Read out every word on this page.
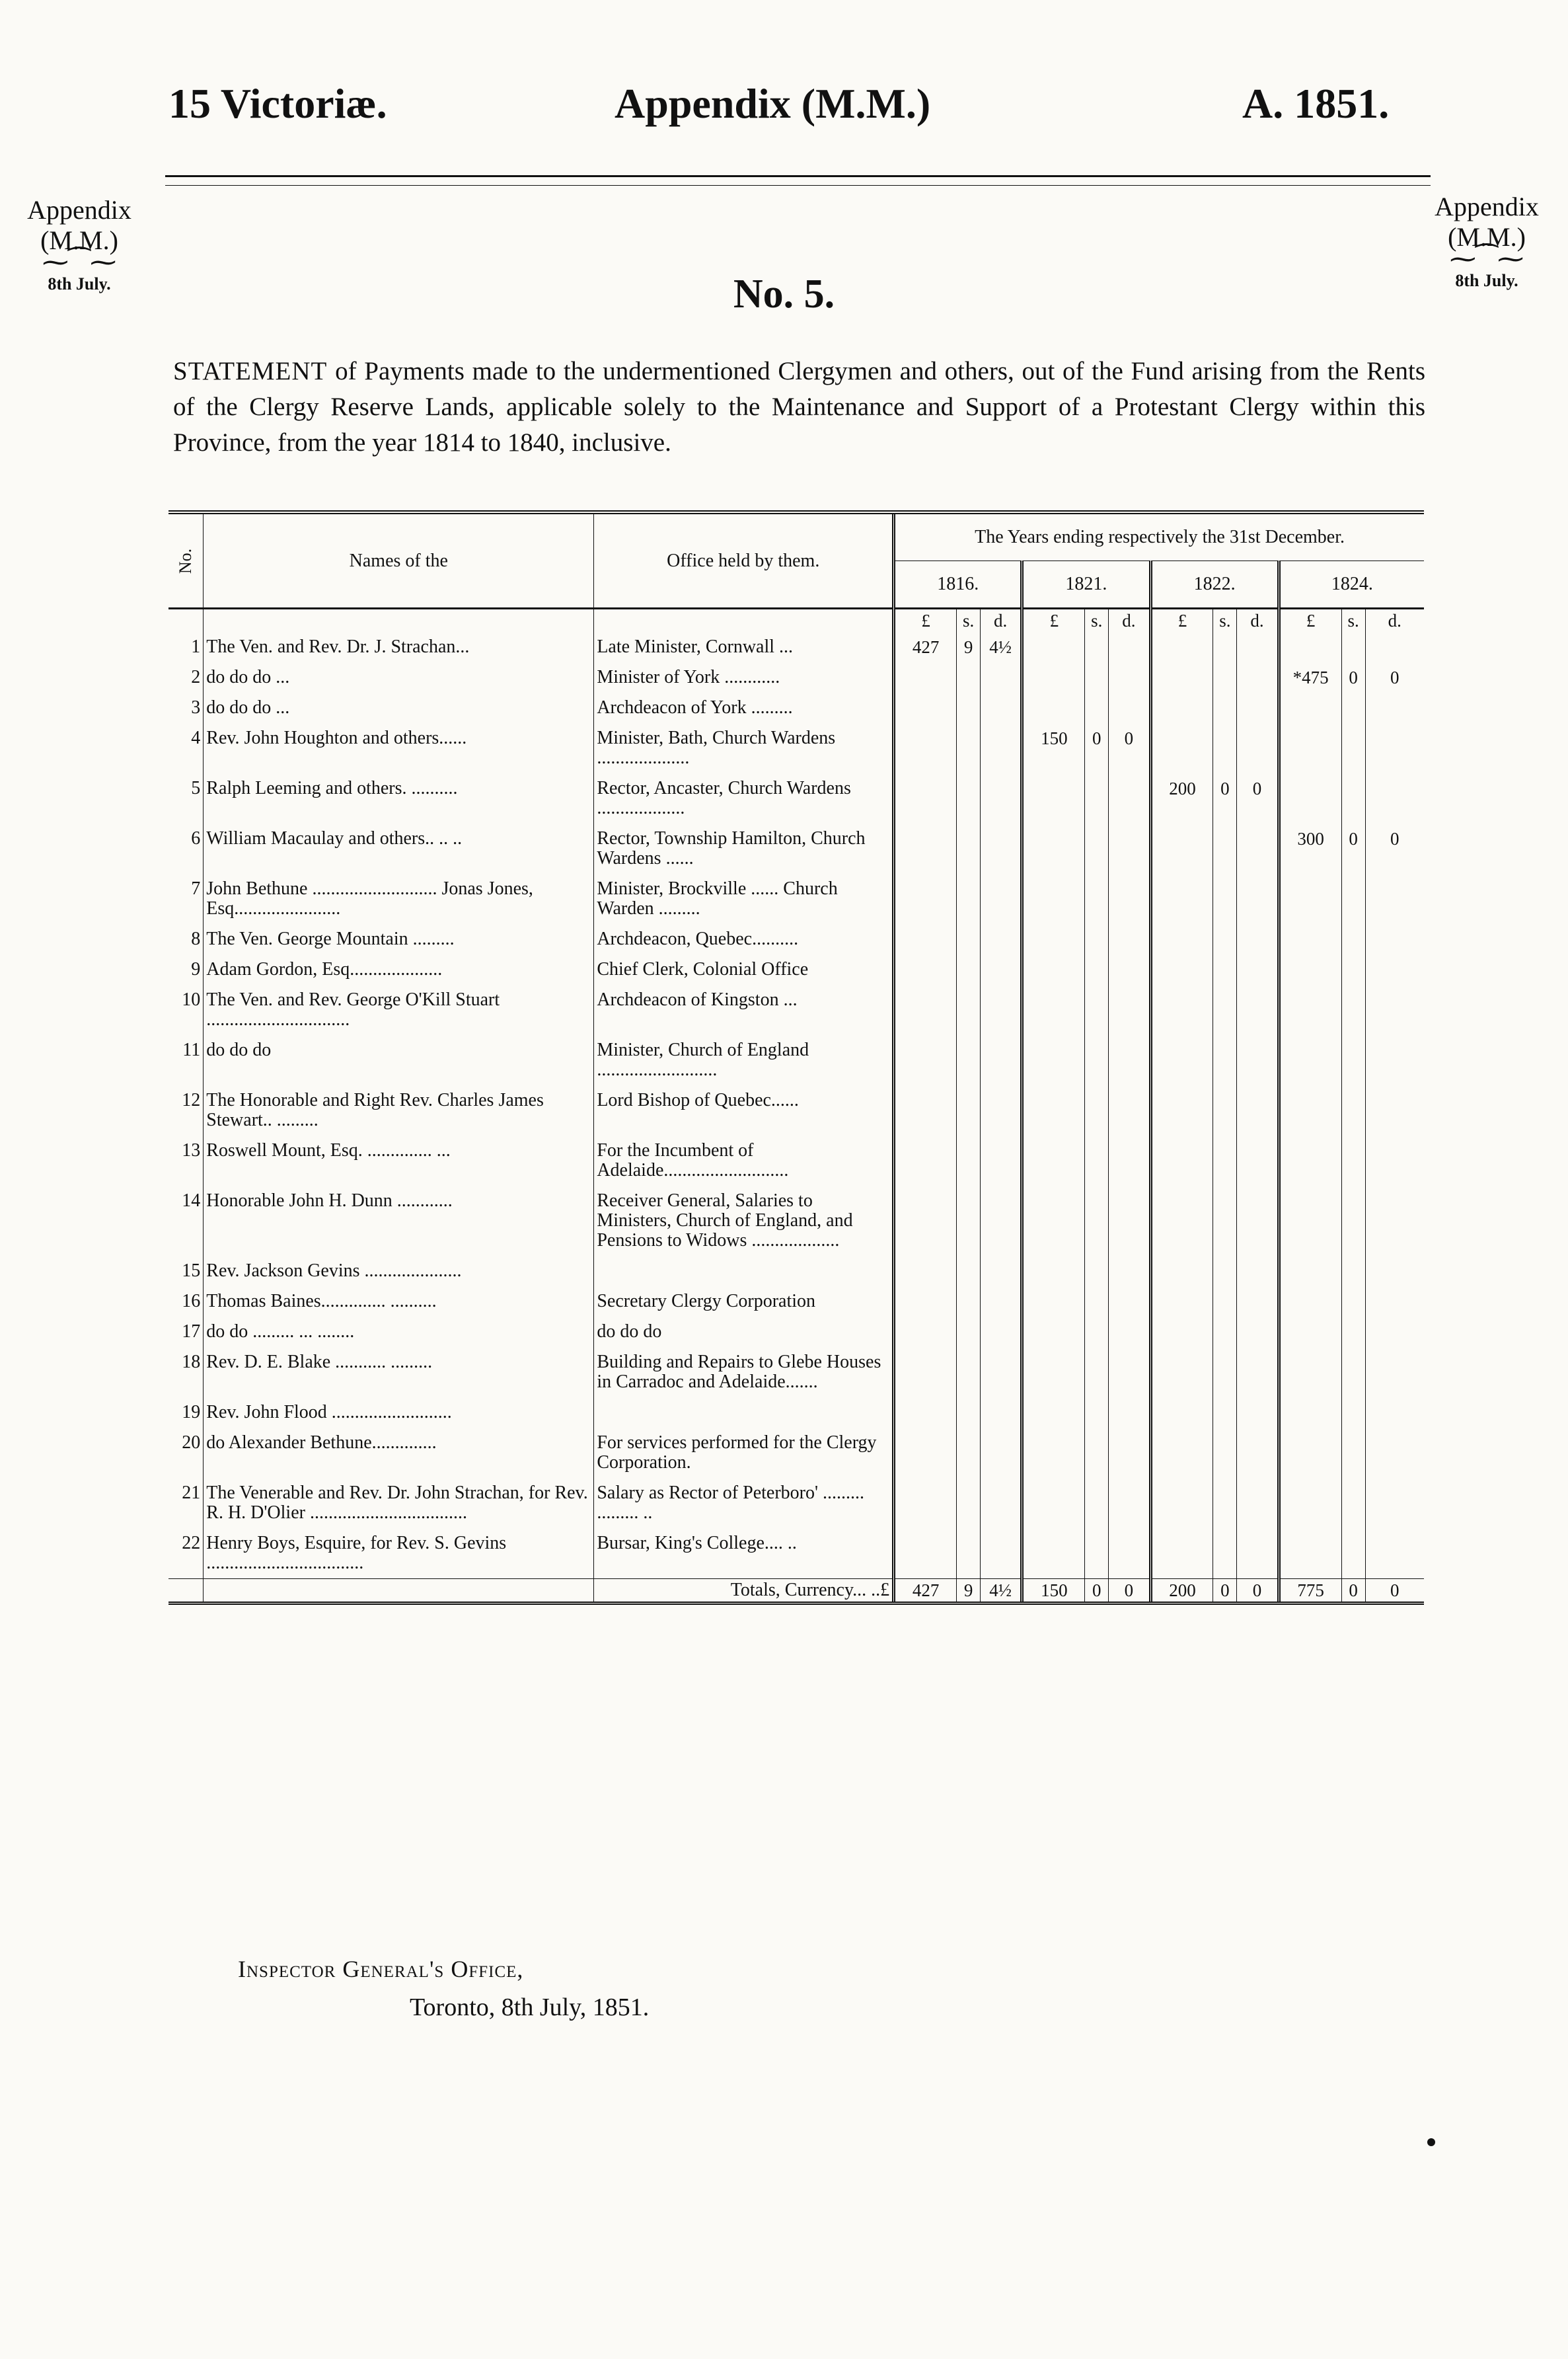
15 Victoriæ.	Appendix (M.M.)	A. 1851.
Appendix
(M.M.)
⁓⁀⁓
8th July.
Appendix
(M.M.)
⁓⁀⁓
8th July.
No. 5.
STATEMENT of Payments made to the undermentioned Clergymen and others, out of the Fund arising from the Rents of the Clergy Reserve Lands, applicable solely to the Maintenance and Support of a Protestant Clergy within this Province, from the year 1814 to 1840, inclusive.
No.	Names of the	Office held by them.	The Years ending respectively the 31st December.											
			1816.			1821.			1822.			1824.		
			£	s.	d.	£	s.	d.	£	s.	d.	£	s.	d.
1	The Ven. and Rev. Dr. J. Strachan...	Late Minister, Cornwall ...	427	9	4½									
2	do do do ...	Minister of York ............										*475	0	0
3	do do do ...	Archdeacon of York .........												
4	Rev. John Houghton and others......	Minister, Bath, Church Wardens ....................				150	0	0						
5	Ralph Leeming and others. ..........	Rector, Ancaster, Church Wardens ...................							200	0	0			
6	William Macaulay and others.. .. ..	Rector, Township Hamilton, Church Wardens ......										300	0	0
7	John Bethune ........................... Jonas Jones, Esq.......................	Minister, Brockville ...... Church Warden .........												
8	The Ven. George Mountain .........	Archdeacon, Quebec..........												
9	Adam Gordon, Esq....................	Chief Clerk, Colonial Office												
10	The Ven. and Rev. George O'Kill Stuart ...............................	Archdeacon of Kingston ...												
11	do do do	Minister, Church of England ..........................												
12	The Honorable and Right Rev. Charles James Stewart.. .........	Lord Bishop of Quebec......												
13	Roswell Mount, Esq. .............. ...	For the Incumbent of Adelaide...........................												
14	Honorable John H. Dunn ............	Receiver General, Salaries to Ministers, Church of England, and Pensions to Widows ...................												
15	Rev. Jackson Gevins .....................													
16	Thomas Baines.............. ..........	Secretary Clergy Corporation												
17	do do ......... ... ........	do do do												
18	Rev. D. E. Blake ........... .........	Building and Repairs to Glebe Houses in Carradoc and Adelaide.......												
19	Rev. John Flood ..........................													
20	do Alexander Bethune..............	For services performed for the Clergy Corporation.												
21	The Venerable and Rev. Dr. John Strachan, for Rev. R. H. D'Olier ..................................	Salary as Rector of Peterboro' ......... ......... ..												
22	Henry Boys, Esquire, for Rev. S. Gevins ..................................	Bursar, King's College.... ..												
		Totals, Currency... ..£	427	9	4½	150	0	0	200	0	0	775	0	0
Inspector General's Office,
Toronto, 8th July, 1851.
